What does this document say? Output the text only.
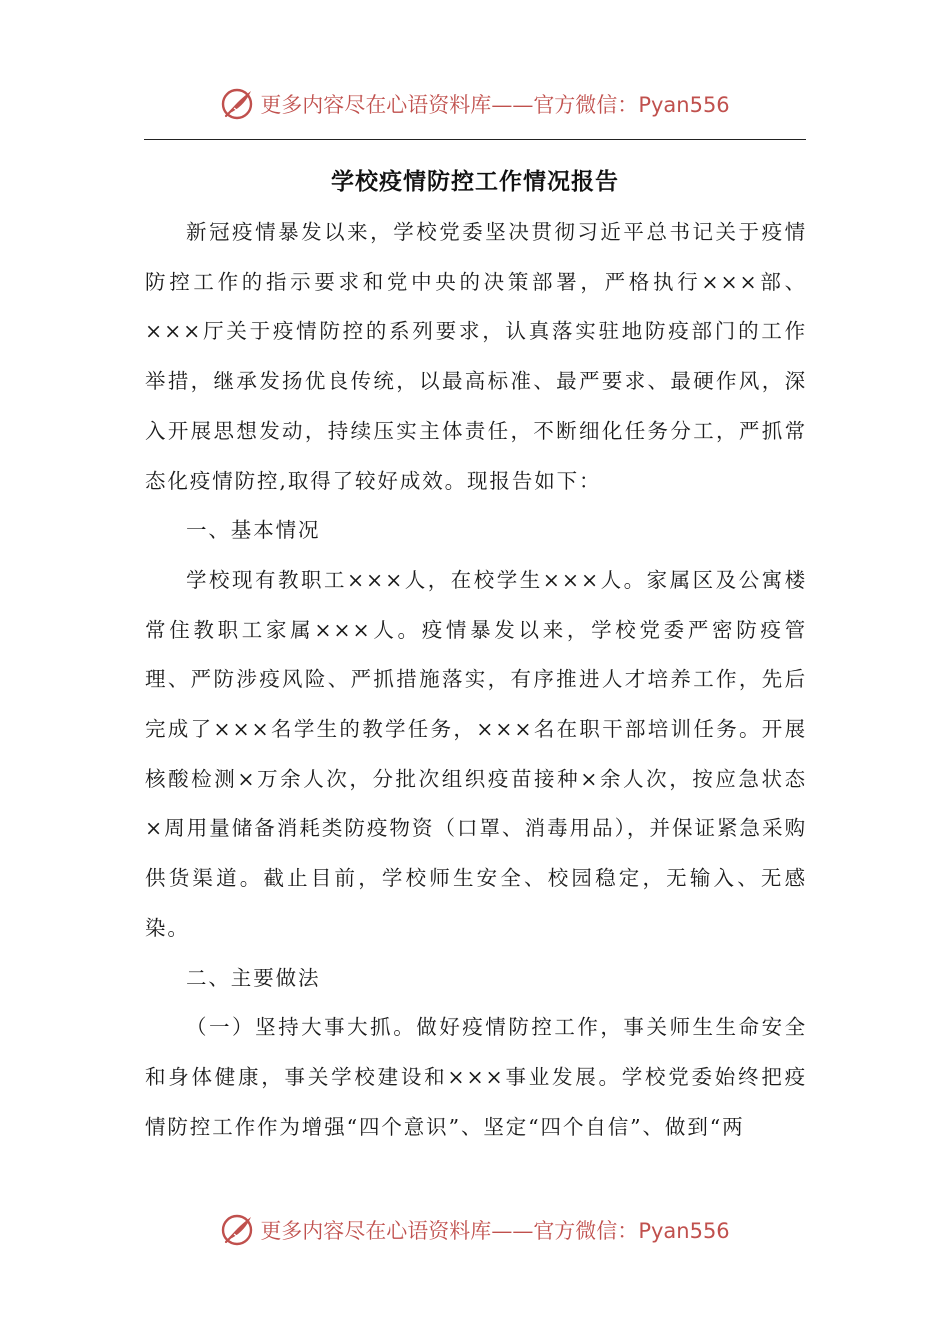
更多内容尽在心语资料库——官方微信：Pyan556
学校疫情防控工作情况报告

新冠疫情暴发以来，学校党委坚决贯彻习近平总书记关于疫情防控工作的指示要求和党中央的决策部署，严格执行×××部、×××厅关于疫情防控的系列要求，认真落实驻地防疫部门的工作举措，继承发扬优良传统，以最高标准、最严要求、最硬作风，深入开展思想发动，持续压实主体责任，不断细化任务分工，严抓常态化疫情防控,取得了较好成效。现报告如下：

一、基本情况

学校现有教职工×××人，在校学生×××人。家属区及公寓楼常住教职工家属×××人。疫情暴发以来，学校党委严密防疫管理、严防涉疫风险、严抓措施落实，有序推进人才培养工作，先后完成了×××名学生的教学任务，×××名在职干部培训任务。开展核酸检测×万余人次，分批次组织疫苗接种×余人次，按应急状态×周用量储备消耗类防疫物资（口罩、消毒用品），并保证紧急采购供货渠道。截止目前，学校师生安全、校园稳定，无输入、无感染。

二、主要做法

（一）坚持大事大抓。做好疫情防控工作，事关师生生命安全和身体健康，事关学校建设和×××事业发展。学校党委始终把疫情防控工作作为增强“四个意识”、坚定“四个自信”、做到“两

更多内容尽在心语资料库——官方微信：Pyan556
